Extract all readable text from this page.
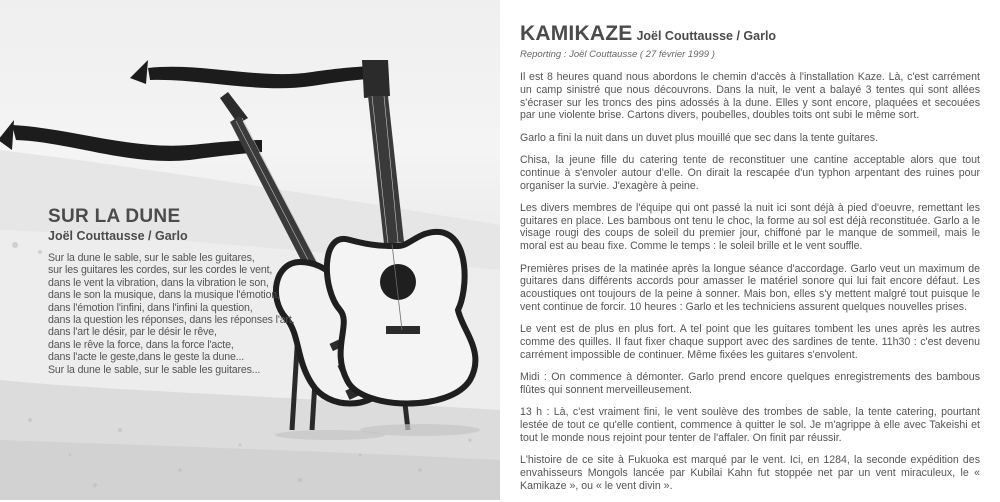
SUR LA DUNE
Joël Couttausse / Garlo
Sur la dune le sable, sur le sable les guitares,
sur les guitares les cordes, sur les cordes le vent,
dans le vent la vibration, dans la vibration le son,
dans le son la musique, dans la musique l'émotion,
dans l'émotion l'infini, dans l'infini la question,
dans la question les réponses, dans les réponses l'art,
dans l'art le désir, par le désir le rêve,
dans le rêve la force, dans la force l'acte,
dans l'acte le geste,dans le geste la dune...
Sur la dune le sable, sur le sable les guitares...
KAMIKAZE Joël Couttausse / Garlo
Reporting : Joël Couttausse ( 27 février 1999 )

Il est 8 heures quand nous abordons le chemin d'accès à l'installation Kaze. Là, c'est carrément un camp sinistré que nous découvrons. Dans la nuit, le vent a balayé 3 tentes qui sont allées s'écraser sur les troncs des pins adossés à la dune. Elles y sont encore, plaquées et secouées par une violente brise. Cartons divers, poubelles, doubles toits ont subi le même sort.

Garlo a fini la nuit dans un duvet plus mouillé que sec dans la tente guitares.

Chisa, la jeune fille du catering tente de reconstituer une cantine acceptable alors que tout continue à s'envoler autour d'elle. On dirait la rescapée d'un typhon arpentant des ruines pour organiser la survie. J'exagère à peine.

Les divers membres de l'équipe qui ont passé la nuit ici sont déjà à pied d'oeuvre, remettant les guitares en place. Les bambous ont tenu le choc, la forme au sol est déjà reconstituée. Garlo a le visage rougi des coups de soleil du premier jour, chiffoné par le manque de sommeil, mais le moral est au beau fixe. Comme le temps : le soleil brille et le vent souffle.

Premières prises de la matinée après la longue séance d'accordage. Garlo veut un maximum de guitares dans différents accords pour amasser le matériel sonore qui lui fait encore défaut. Les acoustiques ont toujours de la peine à sonner. Mais bon, elles s'y mettent malgré tout puisque le vent continue de forcir. 10 heures : Garlo et les techniciens assurent quelques nouvelles prises.

Le vent est de plus en plus fort. A tel point que les guitares tombent les unes après les autres comme des quilles. Il faut fixer chaque support avec des sardines de tente. 11h30 : c'est devenu carrément impossible de continuer. Même fixées les guitares s'envolent.

Midi : On commence à démonter. Garlo prend encore quelques enregistrements des bambous flûtes qui sonnent merveilleusement.

13 h : Là, c'est vraiment fini, le vent soulève des trombes de sable, la tente catering, pourtant lestée de tout ce qu'elle contient, commence à quitter le sol. Je m'agrippe à elle avec Takeishi et tout le monde nous rejoint pour tenter de l'affaler. On finit par réussir.

L'histoire de ce site à Fukuoka est marqué par le vent. Ici, en 1284, la seconde expédition des envahisseurs Mongols lancée par Kubilai Kahn fut stoppée net par un vent miraculeux, le « Kamikaze », ou « le vent divin ».
